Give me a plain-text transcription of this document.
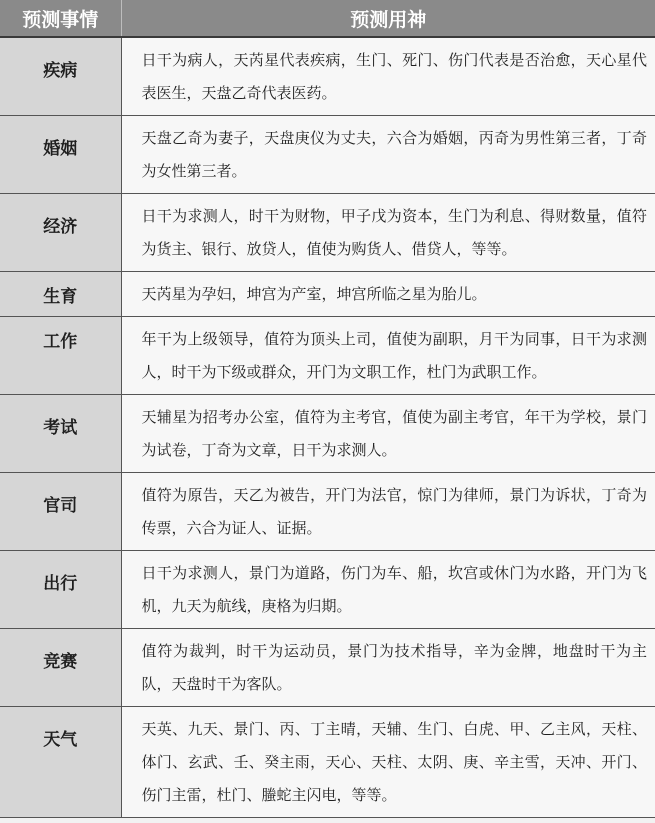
预测事情	预测用神
疾病	日干为病人，天芮星代表疾病，生门、死门、伤门代表是否治愈，天心星代表医生，天盘乙奇代表医药。
婚姻	天盘乙奇为妻子，天盘庚仪为丈夫，六合为婚姻，丙奇为男性第三者，丁奇为女性第三者。
经济	日干为求测人，时干为财物，甲子戊为资本，生门为利息、得财数量，值符为货主、银行、放贷人，值使为购货人、借贷人，等等。
生育	天芮星为孕妇，坤宫为产室，坤宫所临之星为胎儿。
工作	年干为上级领导，值符为顶头上司，值使为副职，月干为同事，日干为求测人，时干为下级或群众，开门为文职工作，杜门为武职工作。
考试	天辅星为招考办公室，值符为主考官，值使为副主考官，年干为学校，景门为试卷，丁奇为文章，日干为求测人。
官司	值符为原告，天乙为被告，开门为法官，惊门为律师，景门为诉状，丁奇为传票，六合为证人、证据。
出行	日干为求测人，景门为道路，伤门为车、船，坎宫或休门为水路，开门为飞机，九天为航线，庚格为归期。
竞赛	值符为裁判，时干为运动员，景门为技术指导，辛为金牌，地盘时干为主队，天盘时干为客队。
天气	天英、九天、景门、丙、丁主晴，天辅、生门、白虎、甲、乙主风，天柱、体门、玄武、壬、癸主雨，天心、天柱、太阴、庚、辛主雪，天冲、开门、伤门主雷，杜门、螣蛇主闪电，等等。
